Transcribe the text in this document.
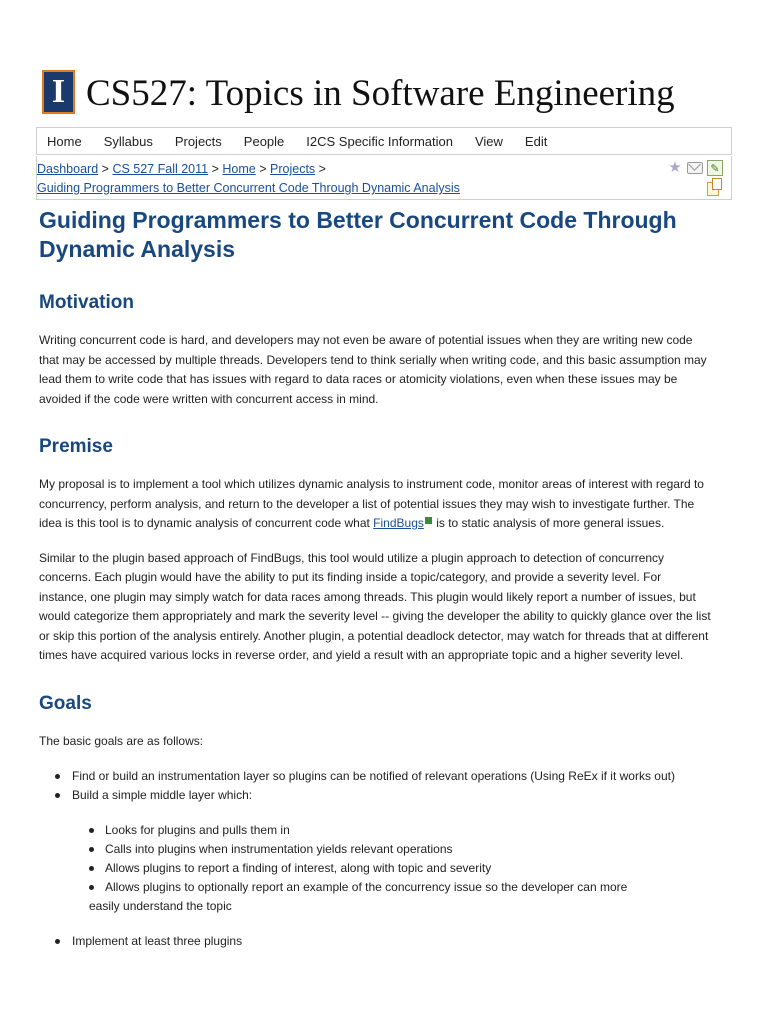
I CS527: Topics in Software Engineering
Home Syllabus Projects People I2CS Specific Information View Edit
Dashboard > CS 527 Fall 2011 > Home > Projects >
Guiding Programmers to Better Concurrent Code Through Dynamic Analysis
★	✎
Guiding Programmers to Better Concurrent Code Through
Dynamic Analysis
Motivation

Writing concurrent code is hard, and developers may not even be aware of potential issues when they are writing new code
that may be accessed by multiple threads. Developers tend to think serially when writing code, and this basic assumption may
lead them to write code that has issues with regard to data races or atomicity violations, even when these issues may be
avoided if the code were written with concurrent access in mind.

Premise

My proposal is to implement a tool which utilizes dynamic analysis to instrument code, monitor areas of interest with regard to
concurrency, perform analysis, and return to the developer a list of potential issues they may wish to investigate further. The
idea is this tool is to dynamic analysis of concurrent code what FindBugs is to static analysis of more general issues.

Similar to the plugin based approach of FindBugs, this tool would utilize a plugin approach to detection of concurrency
concerns. Each plugin would have the ability to put its finding inside a topic/category, and provide a severity level. For
instance, one plugin may simply watch for data races among threads. This plugin would likely report a number of issues, but
would categorize them appropriately and mark the severity level -- giving the developer the ability to quickly glance over the list
or skip this portion of the analysis entirely. Another plugin, a potential deadlock detector, may watch for threads that at different
times have acquired various locks in reverse order, and yield a result with an appropriate topic and a higher severity level.

Goals

The basic goals are as follows:

Find or build an instrumentation layer so plugins can be notified of relevant operations (Using ReEx if it works out)
Build a simple middle layer which:
Looks for plugins and pulls them in
Calls into plugins when instrumentation yields relevant operations
Allows plugins to report a finding of interest, along with topic and severity
Allows plugins to optionally report an example of the concurrency issue so the developer can more
easily understand the topic
Implement at least three plugins
